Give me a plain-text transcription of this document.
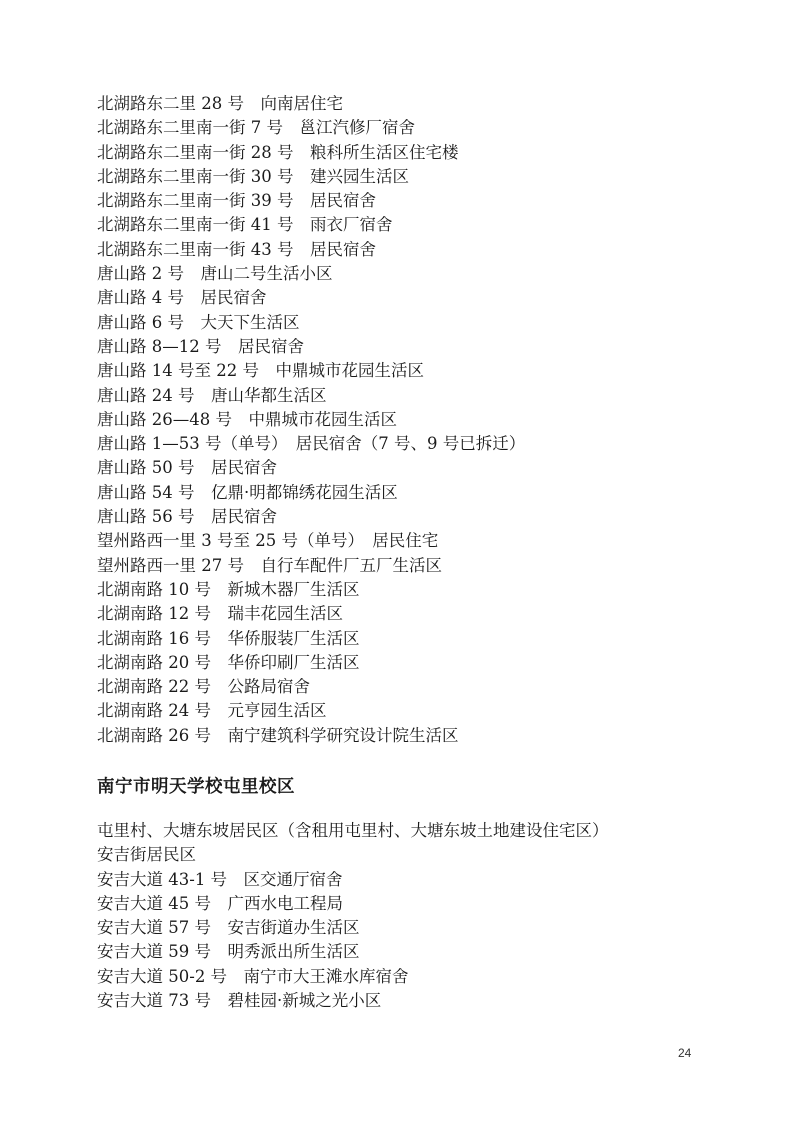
北湖路东二里 28 号　向南居住宅
北湖路东二里南一街 7 号　邕江汽修厂宿舍
北湖路东二里南一街 28 号　粮科所生活区住宅楼
北湖路东二里南一街 30 号　建兴园生活区
北湖路东二里南一街 39 号　居民宿舍
北湖路东二里南一街 41 号　雨衣厂宿舍
北湖路东二里南一街 43 号　居民宿舍
唐山路 2 号　唐山二号生活小区
唐山路 4 号　居民宿舍
唐山路 6 号　大天下生活区
唐山路 8—12 号　居民宿舍
唐山路 14 号至 22 号　中鼎城市花园生活区
唐山路 24 号　唐山华都生活区
唐山路 26—48 号　中鼎城市花园生活区
唐山路 1—53 号（单号）　居民宿舍（7 号、9 号已拆迁）
唐山路 50 号　居民宿舍
唐山路 54 号　亿鼎·明都锦绣花园生活区
唐山路 56 号　居民宿舍
望州路西一里 3 号至 25 号（单号）　居民住宅
望州路西一里 27 号　自行车配件厂五厂生活区
北湖南路 10 号　新城木器厂生活区
北湖南路 12 号　瑞丰花园生活区
北湖南路 16 号　华侨服装厂生活区
北湖南路 20 号　华侨印刷厂生活区
北湖南路 22 号　公路局宿舍
北湖南路 24 号　元亨园生活区
北湖南路 26 号　南宁建筑科学研究设计院生活区
南宁市明天学校屯里校区
屯里村、大塘东坡居民区（含租用屯里村、大塘东坡土地建设住宅区）
安吉街居民区
安吉大道 43-1 号　区交通厅宿舍
安吉大道 45 号　广西水电工程局
安吉大道 57 号　安吉街道办生活区
安吉大道 59 号　明秀派出所生活区
安吉大道 50-2 号　南宁市大王滩水库宿舍
安吉大道 73 号　碧桂园·新城之光小区
24
